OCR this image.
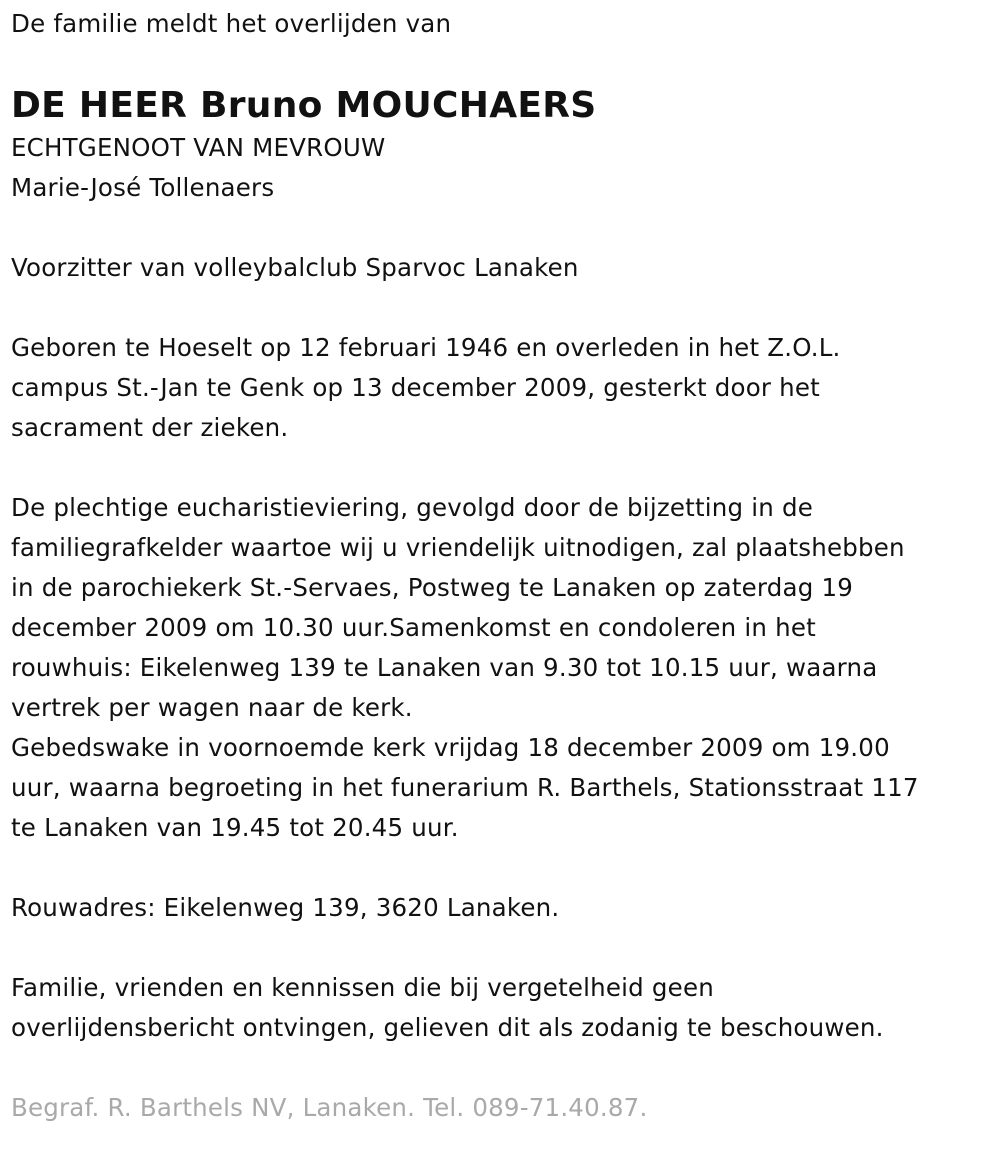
De familie meldt het overlijden van

DE HEER Bruno MOUCHAERS

ECHTGENOOT VAN MEVROUW

Marie-José Tollenaers

Voorzitter van volleybalclub Sparvoc Lanaken

Geboren te Hoeselt op 12 februari 1946 en overleden in het Z.O.L.

campus St.-Jan te Genk op 13 december 2009, gesterkt door het

sacrament der zieken.

De plechtige eucharistieviering, gevolgd door de bijzetting in de

familiegrafkelder waartoe wij u vriendelijk uitnodigen, zal plaatshebben

in de parochiekerk St.-Servaes, Postweg te Lanaken op zaterdag 19

december 2009 om 10.30 uur.Samenkomst en condoleren in het

rouwhuis: Eikelenweg 139 te Lanaken van 9.30 tot 10.15 uur, waarna

vertrek per wagen naar de kerk.

Gebedswake in voornoemde kerk vrijdag 18 december 2009 om 19.00

uur, waarna begroeting in het funerarium R. Barthels, Stationsstraat 117

te Lanaken van 19.45 tot 20.45 uur.

Rouwadres: Eikelenweg 139, 3620 Lanaken.

Familie, vrienden en kennissen die bij vergetelheid geen

overlijdensbericht ontvingen, gelieven dit als zodanig te beschouwen.

Begraf. R. Barthels NV, Lanaken. Tel. 089-71.40.87.
